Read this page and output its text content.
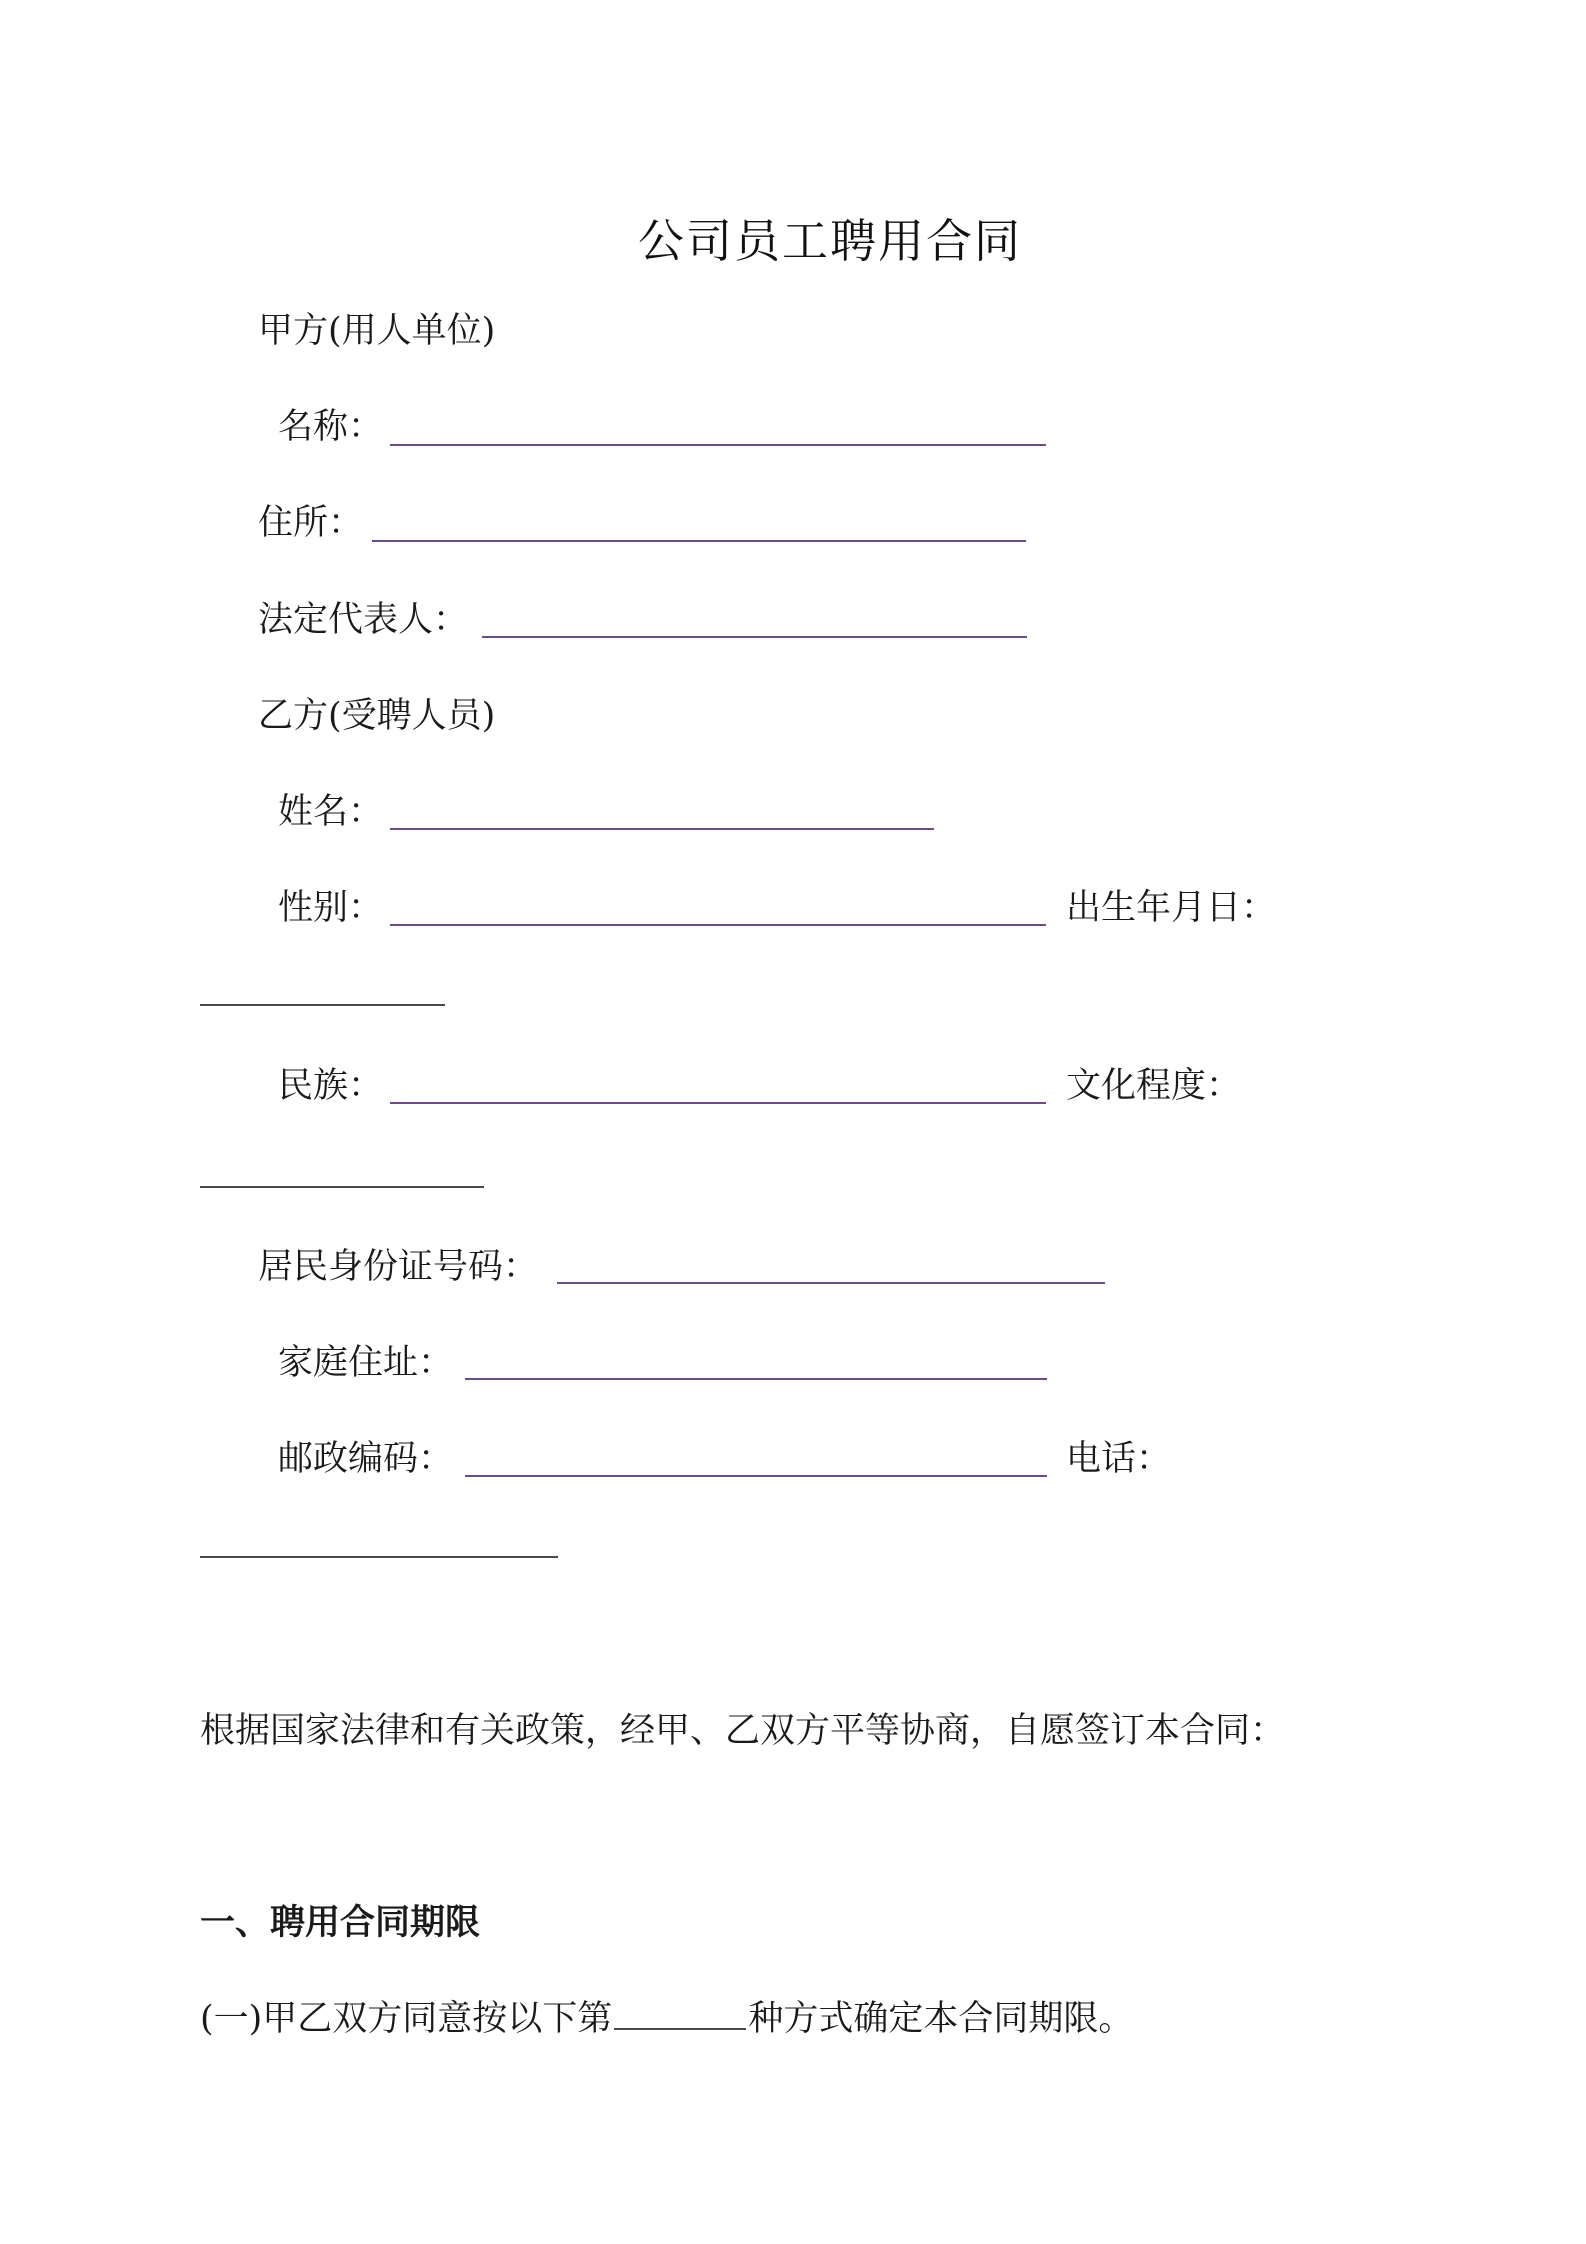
公司员工聘用合同
甲方(用人单位)
名称：
住所：
法定代表人：
乙方(受聘人员)
姓名：
性别：	出生年月日：
民族：	文化程度：
居民身份证号码：
家庭住址：
邮政编码：	电话：
根据国家法律和有关政策，经甲、乙双方平等协商，自愿签订本合同：
一、聘用合同期限
(一)甲乙双方同意按以下第	种方式确定本合同期限。
